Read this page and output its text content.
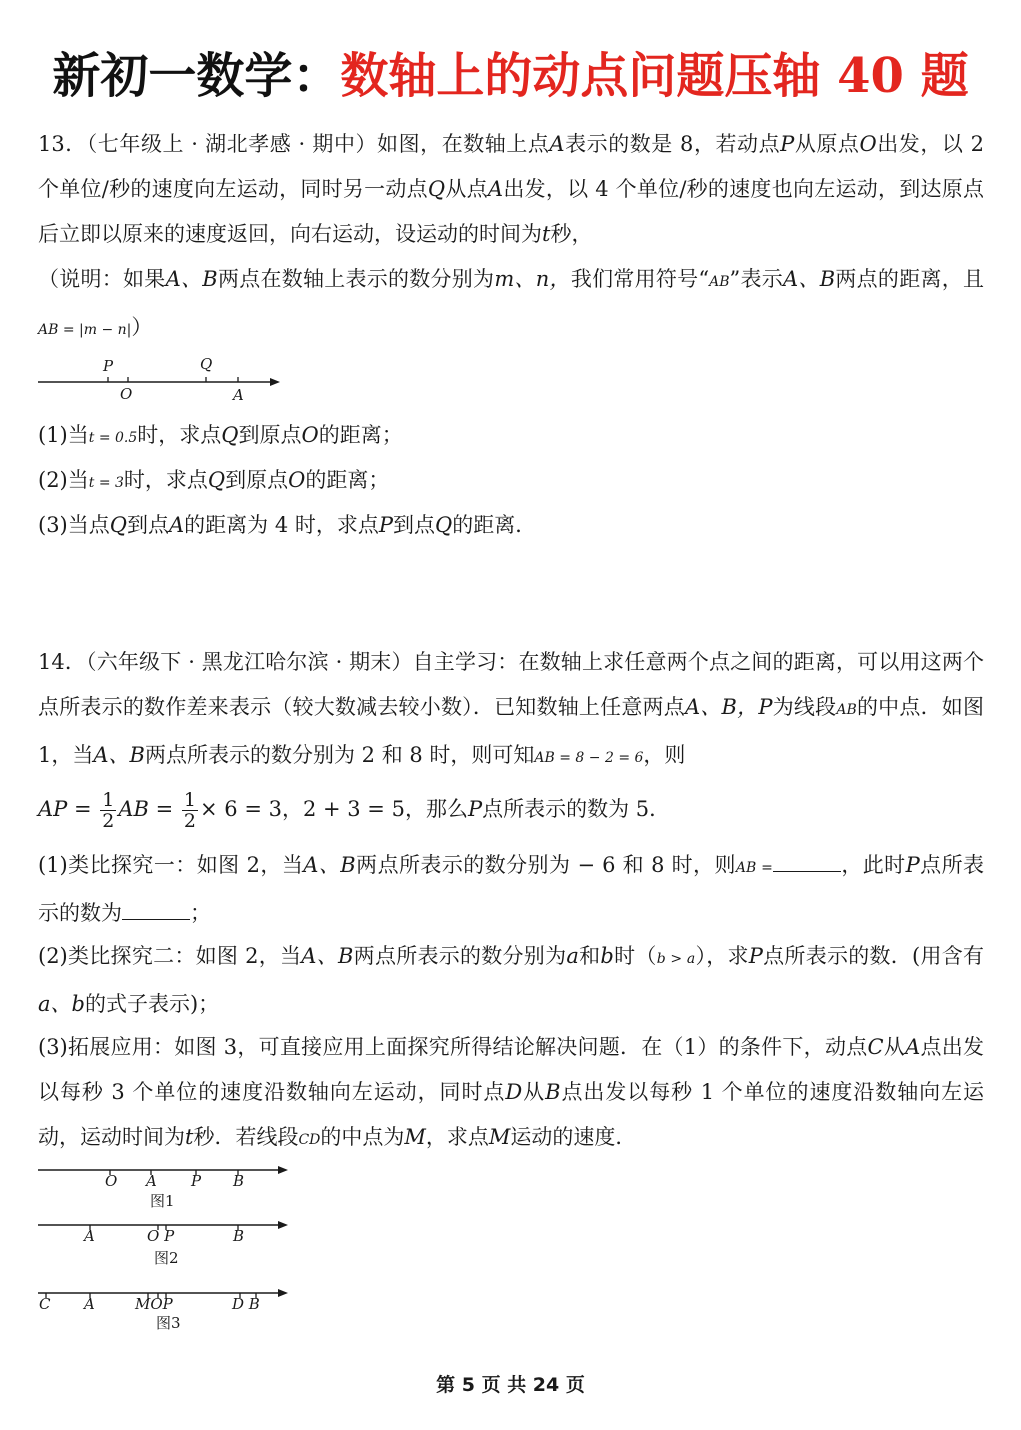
新初一数学：数轴上的动点问题压轴 40 题
13．（七年级上 · 湖北孝感 · 期中）如图，在数轴上点A表示的数是 8，若动点P从原点O出发，以 2 个单位/秒的速度向左运动，同时另一动点Q从点A出发，以 4 个单位/秒的速度也向左运动，到达原点后立即以原来的速度返回，向右运动，设运动的时间为t秒，
（说明：如果A、B两点在数轴上表示的数分别为m、n，我们常用符号“AB”表示A、B两点的距离，且AB = |m − n|）
P	Q
O	A
(1)当t = 0.5时，求点Q到原点O的距离；
(2)当t = 3时，求点Q到原点O的距离；
(3)当点Q到点A的距离为 4 时，求点P到点Q的距离．
14．（六年级下 · 黑龙江哈尔滨 · 期末）自主学习：在数轴上求任意两个点之间的距离，可以用这两个点所表示的数作差来表示（较大数减去较小数）．已知数轴上任意两点A、B，P为线段AB的中点．如图 1，当A、B两点所表示的数分别为 2 和 8 时，则可知AB = 8 − 2 = 6，则
AP = $\frac{1}{2}$ AB = $\frac{1}{2} \times 6 = 3$，2 + 3 = 5，那么P点所表示的数为 5．
(1)类比探究一：如图 2，当A、B两点所表示的数分别为 − 6 和 8 时，则AB =	，此时P点所表示的数为	；
(2)类比探究二：如图 2，当A、B两点所表示的数分别为a和b时（b > a），求P点所表示的数．(用含有a、b的式子表示)；
(3)拓展应用：如图 3，可直接应用上面探究所得结论解决问题．在（1）的条件下，动点C从A点出发以每秒 3 个单位的速度沿数轴向左运动，同时点D从B点出发以每秒 1 个单位的速度沿数轴向左运动，运动时间为t秒．若线段CD的中点为M，求点M运动的速度．
O A P B
图1
A	O P	B
图2
C A	MOP	D B
图3
第 5 页 共 24 页
